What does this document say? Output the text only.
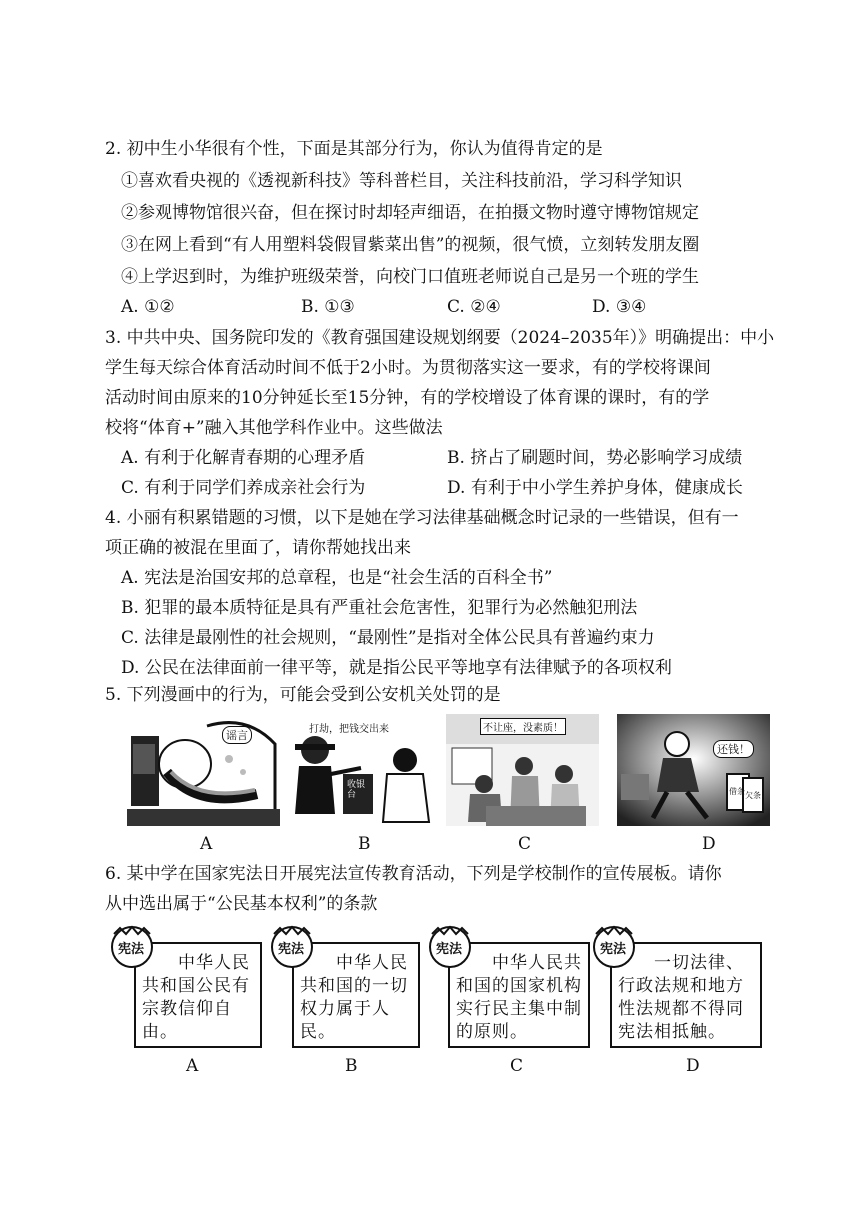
2. 初中生小华很有个性，下面是其部分行为，你认为值得肯定的是
①喜欢看央视的《透视新科技》等科普栏目，关注科技前沿，学习科学知识
②参观博物馆很兴奋，但在探讨时却轻声细语，在拍摄文物时遵守博物馆规定
③在网上看到“有人用塑料袋假冒紫菜出售”的视频，很气愤，立刻转发朋友圈
④上学迟到时，为维护班级荣誉，向校门口值班老师说自己是另一个班的学生
A. ①②	B. ①③	C. ②④	D. ③④
3. 中共中央、国务院印发的《教育强国建设规划纲要（2024–2035年）》明确提出：中小
学生每天综合体育活动时间不低于2小时。为贯彻落实这一要求，有的学校将课间
活动时间由原来的10分钟延长至15分钟，有的学校增设了体育课的课时，有的学
校将“体育+”融入其他学科作业中。这些做法
A. 有利于化解青春期的心理矛盾	B. 挤占了刷题时间，势必影响学习成绩
C. 有利于同学们养成亲社会行为	D. 有利于中小学生养护身体，健康成长
4. 小丽有积累错题的习惯，以下是她在学习法律基础概念时记录的一些错误，但有一
项正确的被混在里面了，请你帮她找出来
A. 宪法是治国安邦的总章程，也是“社会生活的百科全书”
B. 犯罪的最本质特征是具有严重社会危害性，犯罪行为必然触犯刑法
C. 法律是最刚性的社会规则，“最刚性”是指对全体公民具有普遍约束力
D. 公民在法律面前一律平等，就是指公民平等地享有法律赋予的各项权利
5. 下列漫画中的行为，可能会受到公安机关处罚的是
谣言
A
打劫，把钱交出来
收银台
B
不让座，没素质！
C
还钱！
借条 欠条
D
6. 某中学在国家宪法日开展宪法宣传教育活动，下列是学校制作的宣传展板。请你
从中选出属于“公民基本权利”的条款
中华人民共和国公民有宗教信仰自由。
宪法
A
中华人民共和国的一切权力属于人民。
宪法
B
中华人民共和国的国家机构实行民主集中制的原则。
宪法
C
一切法律、行政法规和地方性法规都不得同宪法相抵触。
宪法
D
